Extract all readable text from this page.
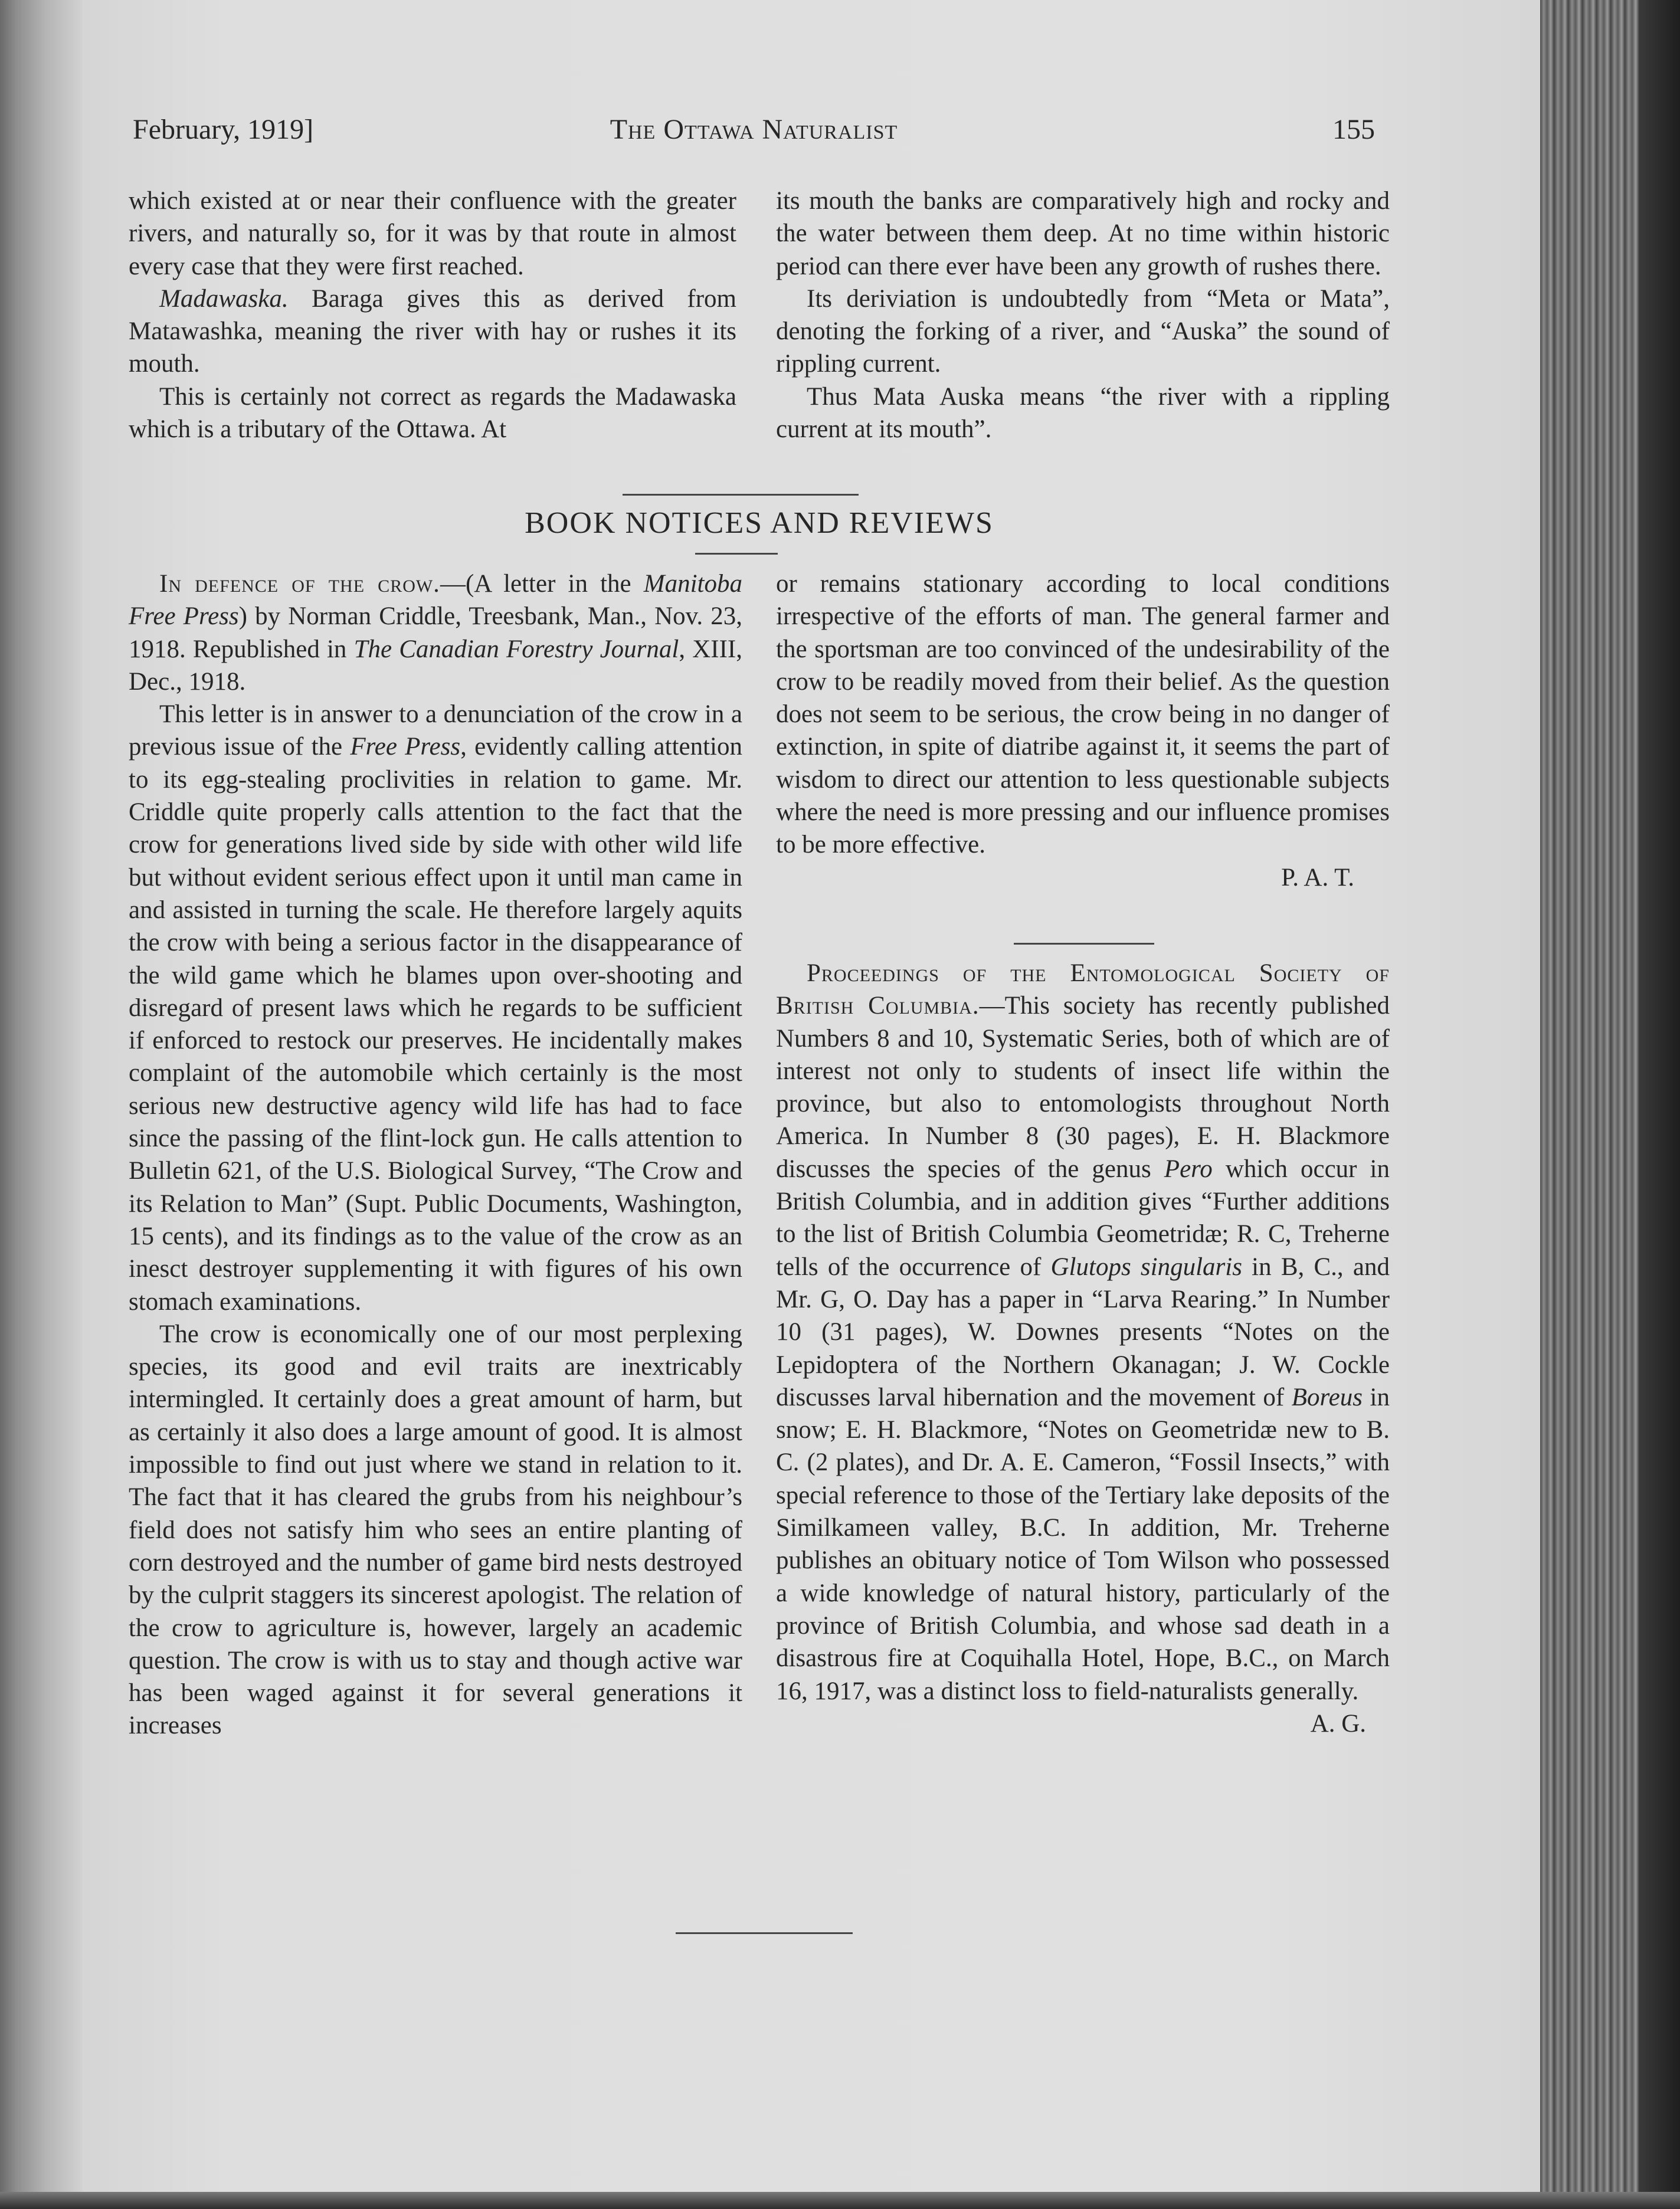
February, 1919]	The Ottawa Naturalist	155

which existed at or near their confluence with the greater rivers, and naturally so, for it was by that route in almost every case that they were first reached.

Madawaska. Baraga gives this as derived from Matawashka, meaning the river with hay or rushes it its mouth.

This is certainly not correct as regards the Madawaska which is a tributary of the Ottawa. At

its mouth the banks are comparatively high and rocky and the water between them deep. At no time within historic period can there ever have been any growth of rushes there.

Its deriviation is undoubtedly from “Meta or Mata”, denoting the forking of a river, and “Auska” the sound of rippling current.

Thus Mata Auska means “the river with a rippling current at its mouth”.

BOOK NOTICES AND REVIEWS

In defence of the crow.—(A letter in the Manitoba Free Press) by Norman Criddle, Treesbank, Man., Nov. 23, 1918. Republished in The Canadian Forestry Journal, XIII, Dec., 1918.

This letter is in answer to a denunciation of the crow in a previous issue of the Free Press, evidently calling attention to its egg-stealing proclivities in relation to game. Mr. Criddle quite properly calls attention to the fact that the crow for generations lived side by side with other wild life but without evident serious effect upon it until man came in and assisted in turning the scale. He therefore largely aquits the crow with being a serious factor in the disappearance of the wild game which he blames upon over-shooting and disregard of present laws which he regards to be sufficient if enforced to restock our preserves. He incidentally makes complaint of the automobile which certainly is the most serious new destructive agency wild life has had to face since the passing of the flint-lock gun. He calls attention to Bulletin 621, of the U.S. Biological Survey, “The Crow and its Relation to Man” (Supt. Public Documents, Washington, 15 cents), and its findings as to the value of the crow as an inesct destroyer supplementing it with figures of his own stomach examinations.

The crow is economically one of our most perplexing species, its good and evil traits are inextricably intermingled. It certainly does a great amount of harm, but as certainly it also does a large amount of good. It is almost impossible to find out just where we stand in relation to it. The fact that it has cleared the grubs from his neighbour’s field does not satisfy him who sees an entire planting of corn destroyed and the number of game bird nests destroyed by the culprit staggers its sincerest apologist. The relation of the crow to agriculture is, however, largely an academic question. The crow is with us to stay and though active war has been waged against it for several generations it increases

or remains stationary according to local conditions irrespective of the efforts of man. The general farmer and the sportsman are too convinced of the undesirability of the crow to be readily moved from their belief. As the question does not seem to be serious, the crow being in no danger of extinction, in spite of diatribe against it, it seems the part of wisdom to direct our attention to less questionable subjects where the need is more pressing and our influence promises to be more effective.

P. A. T.

Proceedings of the Entomological Society of British Columbia.—This society has recently published Numbers 8 and 10, Systematic Series, both of which are of interest not only to students of insect life within the province, but also to entomologists throughout North America. In Number 8 (30 pages), E. H. Blackmore discusses the species of the genus Pero which occur in British Columbia, and in addition gives “Further additions to the list of British Columbia Geometridæ; R. C, Treherne tells of the occurrence of Glutops singularis in B, C., and Mr. G, O. Day has a paper in “Larva Rearing.” In Number 10 (31 pages), W. Downes presents “Notes on the Lepidoptera of the Northern Okanagan; J. W. Cockle discusses larval hibernation and the movement of Boreus in snow; E. H. Blackmore, “Notes on Geometridæ new to B. C. (2 plates), and Dr. A. E. Cameron, “Fossil Insects,” with special reference to those of the Tertiary lake deposits of the Similkameen valley, B.C. In addition, Mr. Treherne publishes an obituary notice of Tom Wilson who possessed a wide knowledge of natural history, particularly of the province of British Columbia, and whose sad death in a disastrous fire at Coquihalla Hotel, Hope, B.C., on March 16, 1917, was a distinct loss to field-naturalists generally.
A. G.
